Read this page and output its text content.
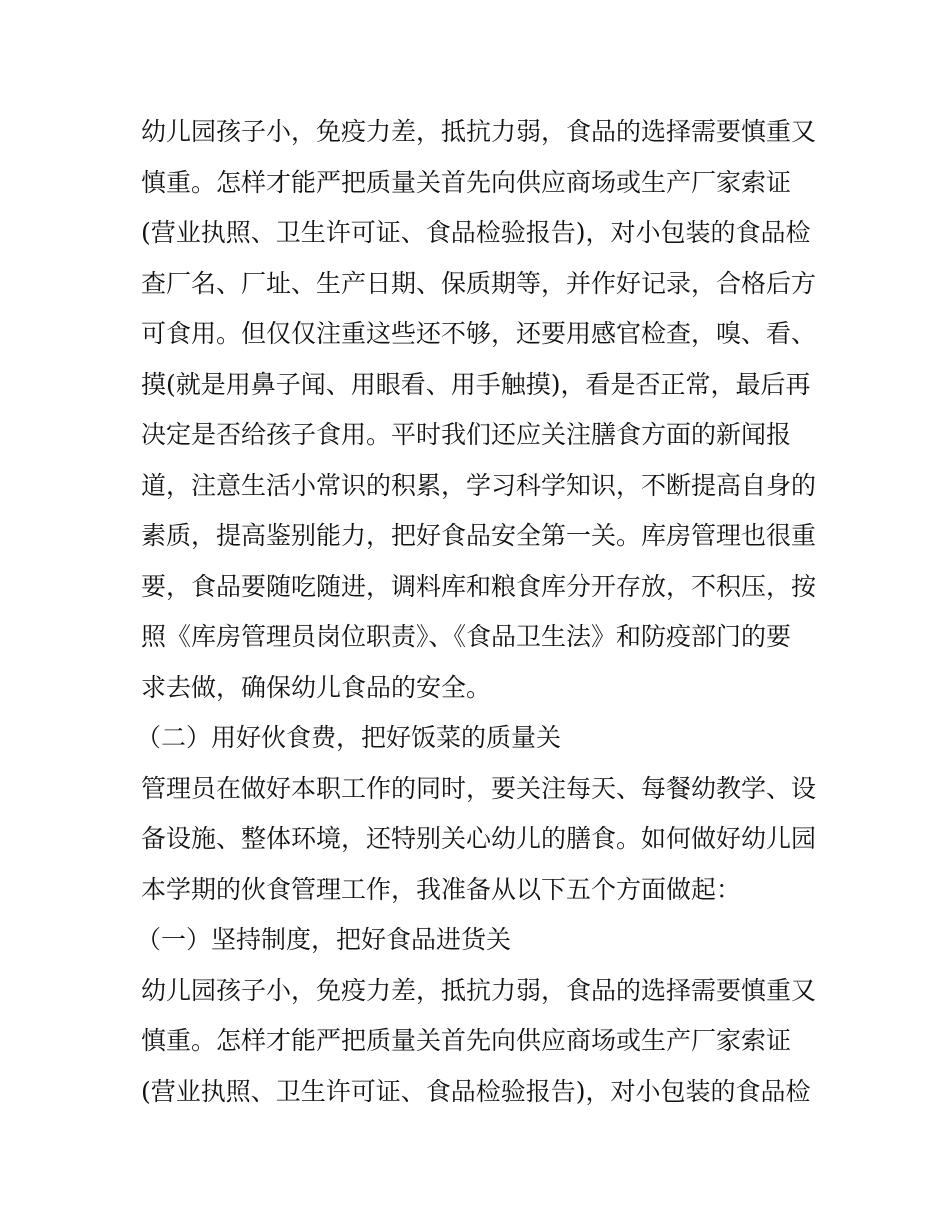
幼儿园孩子小，免疫力差，抵抗力弱，食品的选择需要慎重又
慎重。怎样才能严把质量关首先向供应商场或生产厂家索证
(营业执照、卫生许可证、食品检验报告)，对小包装的食品检
查厂名、厂址、生产日期、保质期等，并作好记录，合格后方
可食用。但仅仅注重这些还不够，还要用感官检查，嗅、看、
摸(就是用鼻子闻、用眼看、用手触摸)，看是否正常，最后再
决定是否给孩子食用。平时我们还应关注膳食方面的新闻报
道，注意生活小常识的积累，学习科学知识，不断提高自身的
素质，提高鉴别能力，把好食品安全第一关。库房管理也很重
要，食品要随吃随进，调料库和粮食库分开存放，不积压，按
照《库房管理员岗位职责》、《食品卫生法》和防疫部门的要
求去做，确保幼儿食品的安全。
（二）用好伙食费，把好饭菜的质量关
管理员在做好本职工作的同时，要关注每天、每餐幼教学、设
备设施、整体环境，还特别关心幼儿的膳食。如何做好幼儿园
本学期的伙食管理工作，我准备从以下五个方面做起：
（一）坚持制度，把好食品进货关
幼儿园孩子小，免疫力差，抵抗力弱，食品的选择需要慎重又
慎重。怎样才能严把质量关首先向供应商场或生产厂家索证
(营业执照、卫生许可证、食品检验报告)，对小包装的食品检
